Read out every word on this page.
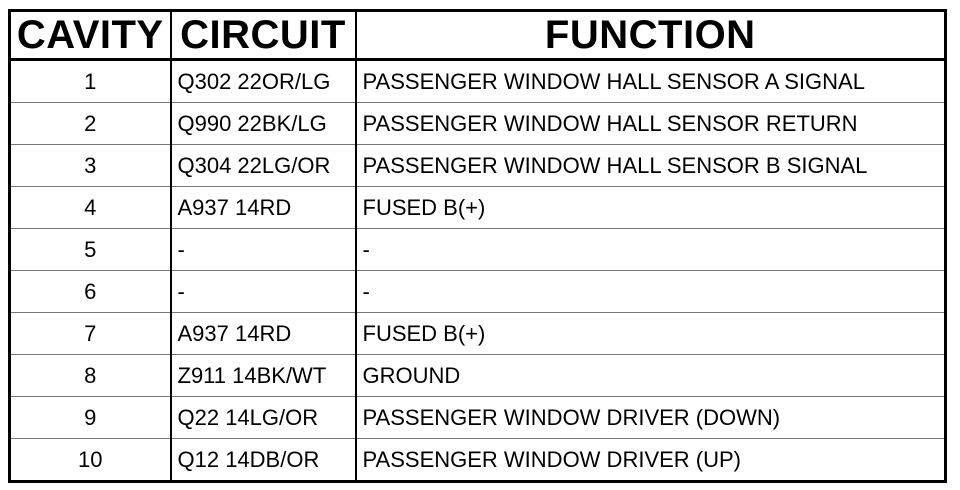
CAVITY	CIRCUIT	FUNCTION
1	Q302 22OR/LG	PASSENGER WINDOW HALL SENSOR A SIGNAL
2	Q990 22BK/LG	PASSENGER WINDOW HALL SENSOR RETURN
3	Q304 22LG/OR	PASSENGER WINDOW HALL SENSOR B SIGNAL
4	A937 14RD	FUSED B(+)
5	-	-
6	-	-
7	A937 14RD	FUSED B(+)
8	Z911 14BK/WT	GROUND
9	Q22 14LG/OR	PASSENGER WINDOW DRIVER (DOWN)
10	Q12 14DB/OR	PASSENGER WINDOW DRIVER (UP)
